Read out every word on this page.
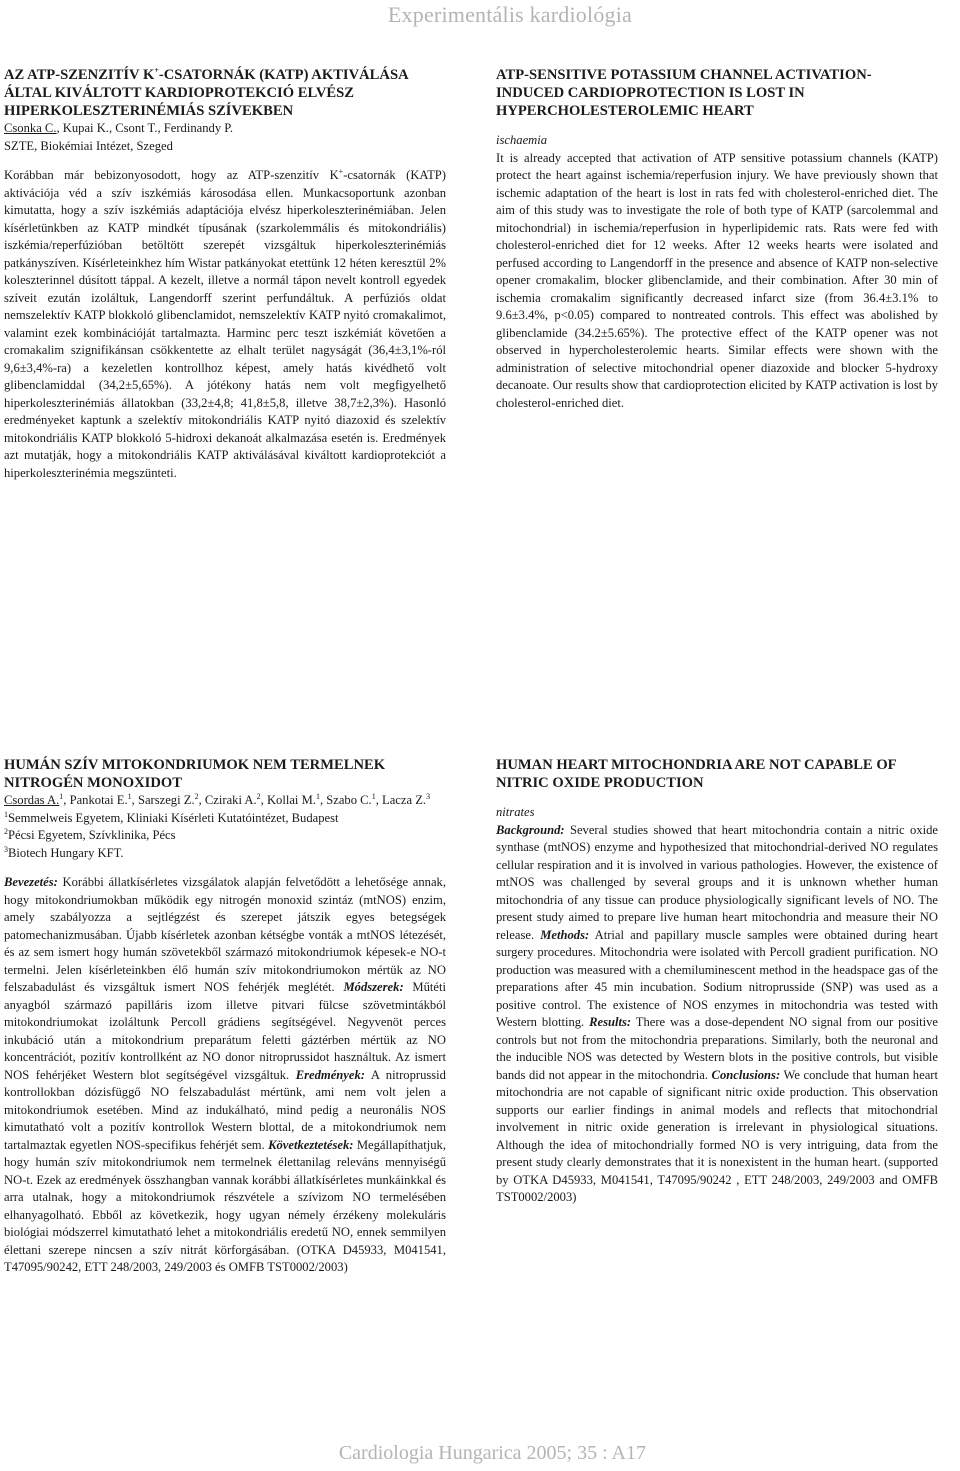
Experimentális kardiológia

AZ ATP-SZENZITÍV K+-CSATORNÁK (KATP) AKTIVÁLÁSA ÁLTAL KIVÁLTOTT KARDIOPROTEKCIÓ ELVÉSZ HIPERKOLESZTERINÉMIÁS SZÍVEKBEN

Csonka C., Kupai K., Csont T., Ferdinandy P.

SZTE, Biokémiai Intézet, Szeged

Korábban már bebizonyosodott, hogy az ATP-szenzitív K+-csatornák (KATP) aktivációja véd a szív iszkémiás károsodása ellen. Munkacsoportunk azonban kimutatta, hogy a szív iszkémiás adaptációja elvész hiperkoleszterinémiában. Jelen kísérletünkben az KATP mindkét típusának (szarkolemmális és mitokondriális) iszkémia/reperfúzióban betöltött szerepét vizsgáltuk hiperkoleszterinémiás patkányszíven. Kísérleteinkhez hím Wistar patkányokat etettünk 12 héten keresztül 2% koleszterinnel dúsított táppal. A kezelt, illetve a normál tápon nevelt kontroll egyedek szíveit ezután izoláltuk, Langendorff szerint perfundáltuk. A perfúziós oldat nemszelektív KATP blokkoló glibenclamidot, nemszelektív KATP nyitó cromakalimot, valamint ezek kombinációját tartalmazta. Harminc perc teszt iszkémiát követően a cromakalim szignifikánsan csökkentette az elhalt terület nagyságát (36,4±3,1%-ról 9,6±3,4%-ra) a kezeletlen kontrollhoz képest, amely hatás kivédhető volt glibenclamiddal (34,2±5,65%). A jótékony hatás nem volt megfigyelhető hiperkoleszterinémiás állatokban (33,2±4,8; 41,8±5,8, illetve 38,7±2,3%). Hasonló eredményeket kaptunk a szelektív mitokondriális KATP nyitó diazoxid és szelektív mitokondriális KATP blokkoló 5-hidroxi dekanoát alkalmazása esetén is. Eredmények azt mutatják, hogy a mitokondriális KATP aktiválásával kiváltott kardioprotekciót a hiperkoleszterinémia megszünteti.

ATP-SENSITIVE POTASSIUM CHANNEL ACTIVATION-INDUCED CARDIOPROTECTION IS LOST IN HYPERCHOLESTEROLEMIC HEART

ischaemia

It is already accepted that activation of ATP sensitive potassium channels (KATP) protect the heart against ischemia/reperfusion injury. We have previously shown that ischemic adaptation of the heart is lost in rats fed with cholesterol-enriched diet. The aim of this study was to investigate the role of both type of KATP (sarcolemmal and mitochondrial) in ischemia/reperfusion in hyperlipidemic rats. Rats were fed with cholesterol-enriched diet for 12 weeks. After 12 weeks hearts were isolated and perfused according to Langendorff in the presence and absence of KATP non-selective opener cromakalim, blocker glibenclamide, and their combination. After 30 min of ischemia cromakalim significantly decreased infarct size (from 36.4±3.1% to 9.6±3.4%, p<0.05) compared to nontreated controls. This effect was abolished by glibenclamide (34.2±5.65%). The protective effect of the KATP opener was not observed in hypercholesterolemic hearts. Similar effects were shown with the administration of selective mitochondrial opener diazoxide and blocker 5-hydroxy decanoate. Our results show that cardioprotection elicited by KATP activation is lost by cholesterol-enriched diet.

HUMÁN SZÍV MITOKONDRIUMOK NEM TERMELNEK NITROGÉN MONOXIDOT

Csordas A.$^1$, Pankotai E.$^1$, Sarszegi Z.$^2$, Cziraki A.$^2$, Kollai M.$^1$, Szabo C.$^1$, Lacza Z.$^3$

$^1$Semmelweis Egyetem, Kliniaki Kísérleti Kutatóintézet, Budapest

$^2$Pécsi Egyetem, Szívklinika, Pécs

$^3$Biotech Hungary KFT.

Bevezetés: Korábbi állatkísérletes vizsgálatok alapján felvetődött a lehetősége annak, hogy mitokondriumokban működik egy nitrogén monoxid szintáz (mtNOS) enzim, amely szabályozza a sejtlégzést és szerepet játszik egyes betegségek patomechanizmusában. Újabb kísérletek azonban kétségbe vonták a mtNOS létezését, és az sem ismert hogy humán szövetekből származó mitokondriumok képesek-e NO-t termelni. Jelen kísérleteinkben élő humán szív mitokondriumokon mértük az NO felszabadulást és vizsgáltuk ismert NOS fehérjék meglétét. Módszerek: Műtéti anyagból származó papilláris izom illetve pitvari fülcse szövetmintákból mitokondriumokat izoláltunk Percoll grádiens segítségével. Negyvenöt perces inkubáció után a mitokondrium preparátum feletti gáztérben mértük az NO koncentrációt, pozitív kontrollként az NO donor nitroprussidot használtuk. Az ismert NOS fehérjéket Western blot segítségével vizsgáltuk. Eredmények: A nitroprussid kontrollokban dózisfüggő NO felszabadulást mértünk, ami nem volt jelen a mitokondriumok esetében. Mind az indukálható, mind pedig a neuronális NOS kimutatható volt a pozitív kontrollok Western blottal, de a mitokondriumok nem tartalmaztak egyetlen NOS-specifikus fehérjét sem. Következtetések: Megállapíthatjuk, hogy humán szív mitokondriumok nem termelnek élettanilag releváns mennyiségű NO-t. Ezek az eredmények összhangban vannak korábbi állatkísérletes munkáinkkal és arra utalnak, hogy a mitokondriumok részvétele a szívizom NO termelésében elhanyagolható. Ebből az következik, hogy ugyan némely érzékeny molekuláris biológiai módszerrel kimutatható lehet a mitokondriális eredetű NO, ennek semmilyen élettani szerepe nincsen a szív nitrát körforgásában. (OTKA D45933, M041541, T47095/90242, ETT 248/2003, 249/2003 és OMFB TST0002/2003)

HUMAN HEART MITOCHONDRIA ARE NOT CAPABLE OF NITRIC OXIDE PRODUCTION

nitrates

Background: Several studies showed that heart mitochondria contain a nitric oxide synthase (mtNOS) enzyme and hypothesized that mitochondrial-derived NO regulates cellular respiration and it is involved in various pathologies. However, the existence of mtNOS was challenged by several groups and it is unknown whether human mitochondria of any tissue can produce physiologically significant levels of NO. The present study aimed to prepare live human heart mitochondria and measure their NO release. Methods: Atrial and papillary muscle samples were obtained during heart surgery procedures. Mitochondria were isolated with Percoll gradient purification. NO production was measured with a chemiluminescent method in the headspace gas of the preparations after 45 min incubation. Sodium nitroprusside (SNP) was used as a positive control. The existence of NOS enzymes in mitochondria was tested with Western blotting. Results: There was a dose-dependent NO signal from our positive controls but not from the mitochondria preparations. Similarly, both the neuronal and the inducible NOS was detected by Western blots in the positive controls, but visible bands did not appear in the mitochondria. Conclusions: We conclude that human heart mitochondria are not capable of significant nitric oxide production. This observation supports our earlier findings in animal models and reflects that mitochondrial involvement in nitric oxide generation is irrelevant in physiological situations. Although the idea of mitochondrially formed NO is very intriguing, data from the present study clearly demonstrates that it is nonexistent in the human heart. (supported by OTKA D45933, M041541, T47095/90242 , ETT 248/2003, 249/2003 and OMFB TST0002/2003)

Cardiologia Hungarica 2005; 35 : A17
